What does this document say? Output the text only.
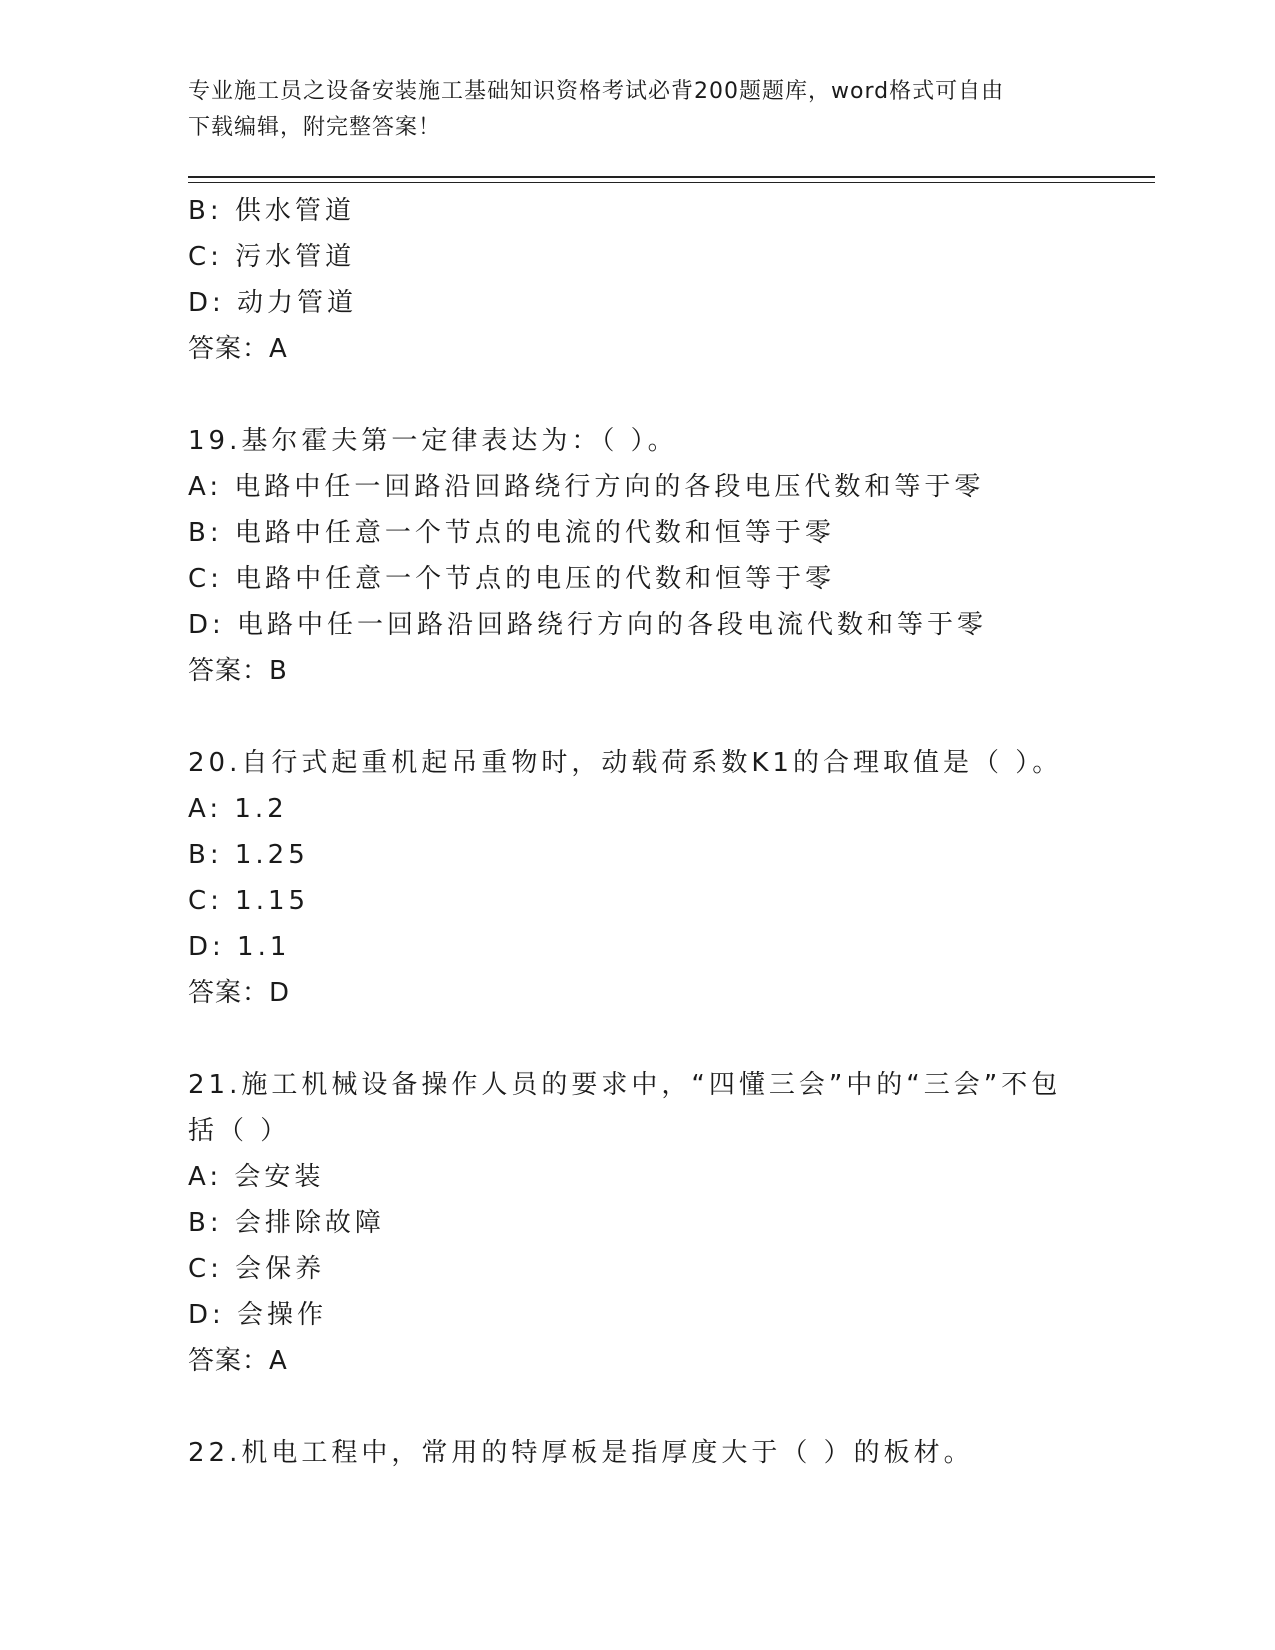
专业施工员之设备安装施工基础知识资格考试必背200题题库，word格式可自由
下载编辑，附完整答案！
B: 供水管道
C: 污水管道
D: 动力管道
答案：A
19.基尔霍夫第一定律表达为：（ ）。
A: 电路中任一回路沿回路绕行方向的各段电压代数和等于零
B: 电路中任意一个节点的电流的代数和恒等于零
C: 电路中任意一个节点的电压的代数和恒等于零
D: 电路中任一回路沿回路绕行方向的各段电流代数和等于零
答案：B
20.自行式起重机起吊重物时，动载荷系数K1的合理取值是（ ）。
A: 1.2
B: 1.25
C: 1.15
D: 1.1
答案：D
21.施工机械设备操作人员的要求中，“四懂三会”中的“三会”不包
括（ ）
A: 会安装
B: 会排除故障
C: 会保养
D: 会操作
答案：A
22.机电工程中，常用的特厚板是指厚度大于（ ）的板材。
